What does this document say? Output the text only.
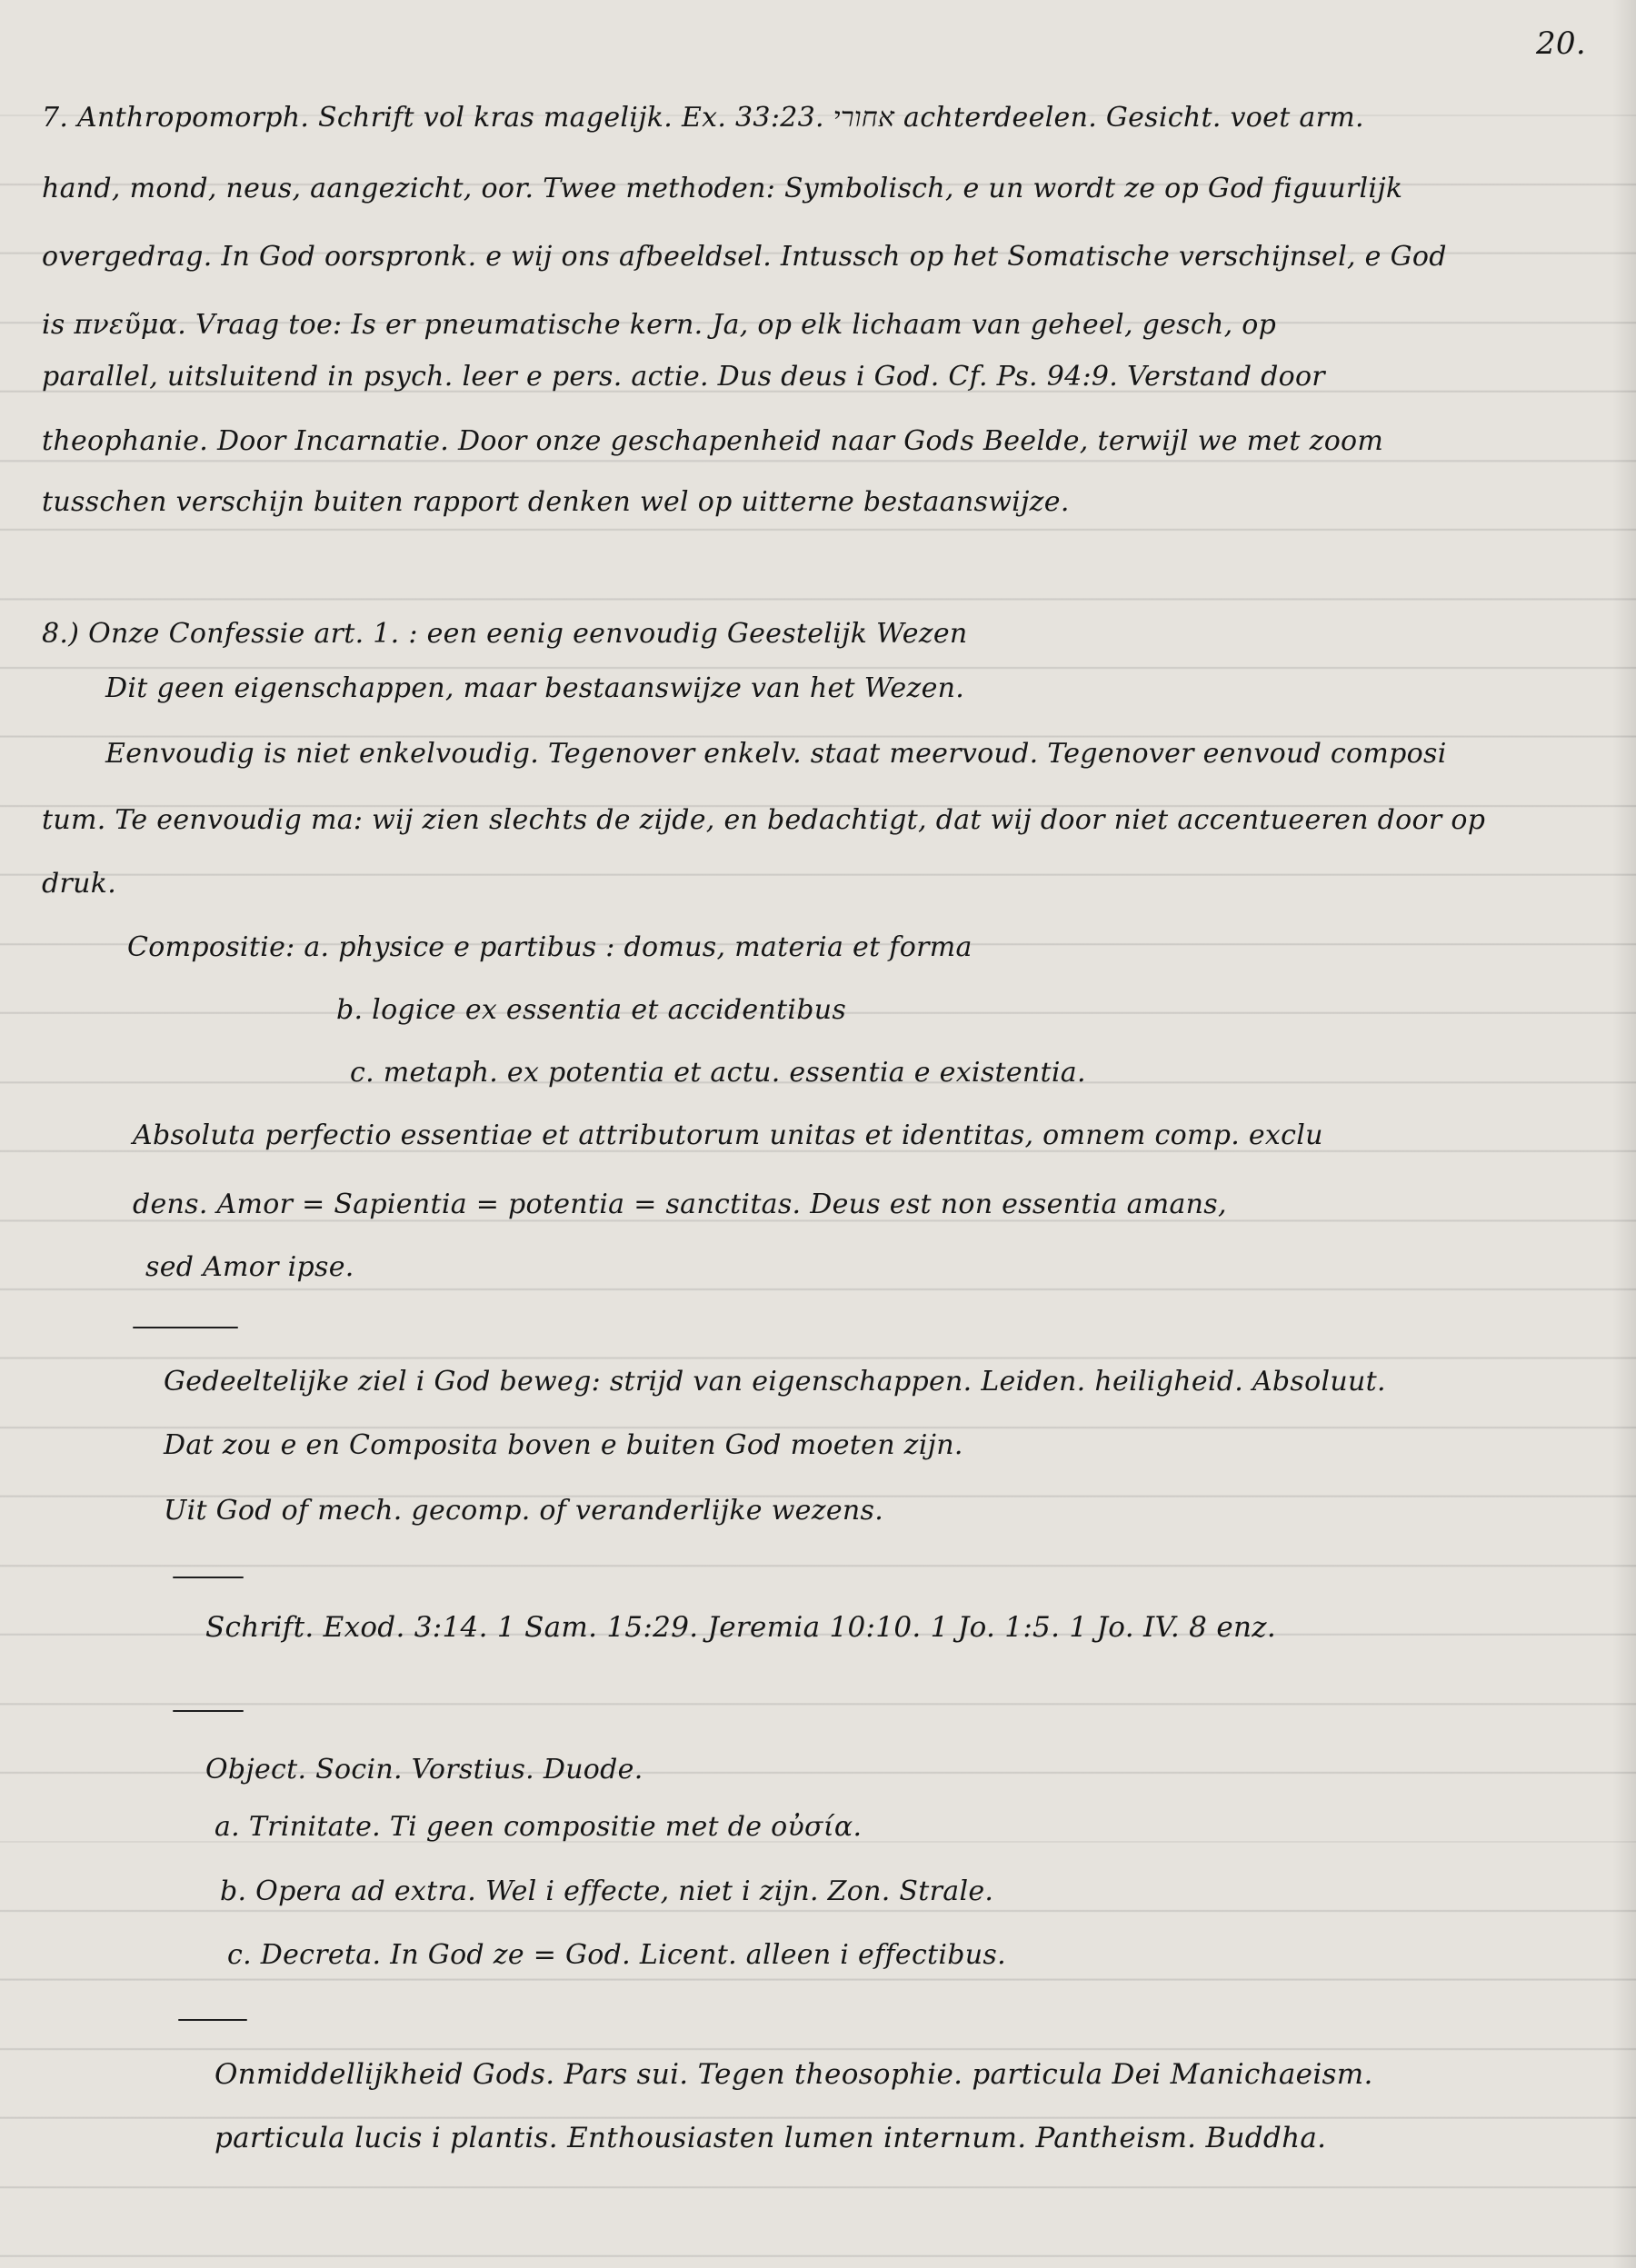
20.
7. Anthropomorph. Schrift vol kras magelijk. Ex. 33:23. אחורי achterdeelen. Gesicht. voet arm.
hand, mond, neus, aangezicht, oor. Twee methoden: Symbolisch, e un wordt ze op God figuurlijk
overgedrag. In God oorspronk. e wij ons afbeeldsel. Intussch op het Somatische verschijnsel, e God
is πνεῦμα. Vraag toe: Is er pneumatische kern. Ja, op elk lichaam van geheel, gesch, op
parallel, uitsluitend in psych. leer e pers. actie. Dus deus i God. Cf. Ps. 94:9. Verstand door
theophanie. Door Incarnatie. Door onze geschapenheid naar Gods Beelde, terwijl we met zoom
tusschen verschijn buiten rapport denken wel op uitterne bestaanswijze.
8.) Onze Confessie art. 1. : een eenig eenvoudig Geestelijk Wezen
Dit geen eigenschappen, maar bestaanswijze van het Wezen.
Eenvoudig is niet enkelvoudig. Tegenover enkelv. staat meervoud. Tegenover eenvoud composi
tum. Te eenvoudig ma: wij zien slechts de zijde, en bedachtigt, dat wij door niet accentueeren door op
druk.
Compositie: a. physice e partibus : domus, materia et forma
b. logice ex essentia et accidentibus
c. metaph. ex potentia et actu. essentia e existentia.
Absoluta perfectio essentiae et attributorum unitas et identitas, omnem comp. exclu
dens. Amor = Sapientia = potentia = sanctitas. Deus est non essentia amans,
sed Amor ipse.
Gedeeltelijke ziel i God beweg: strijd van eigenschappen. Leiden. heiligheid. Absoluut.
Dat zou e en Composita boven e buiten God moeten zijn.
Uit God of mech. gecomp. of veranderlijke wezens.
Schrift. Exod. 3:14. 1 Sam. 15:29. Jeremia 10:10. 1 Jo. 1:5. 1 Jo. IV. 8 enz.
Object. Socin. Vorstius. Duode.
a. Trinitate. Ti geen compositie met de οὐσία.
b. Opera ad extra. Wel i effecte, niet i zijn. Zon. Strale.
c. Decreta. In God ze = God. Licent. alleen i effectibus.
Onmiddellijkheid Gods. Pars sui. Tegen theosophie. particula Dei Manichaeism.
particula lucis i plantis. Enthousiasten lumen internum. Pantheism. Buddha.
